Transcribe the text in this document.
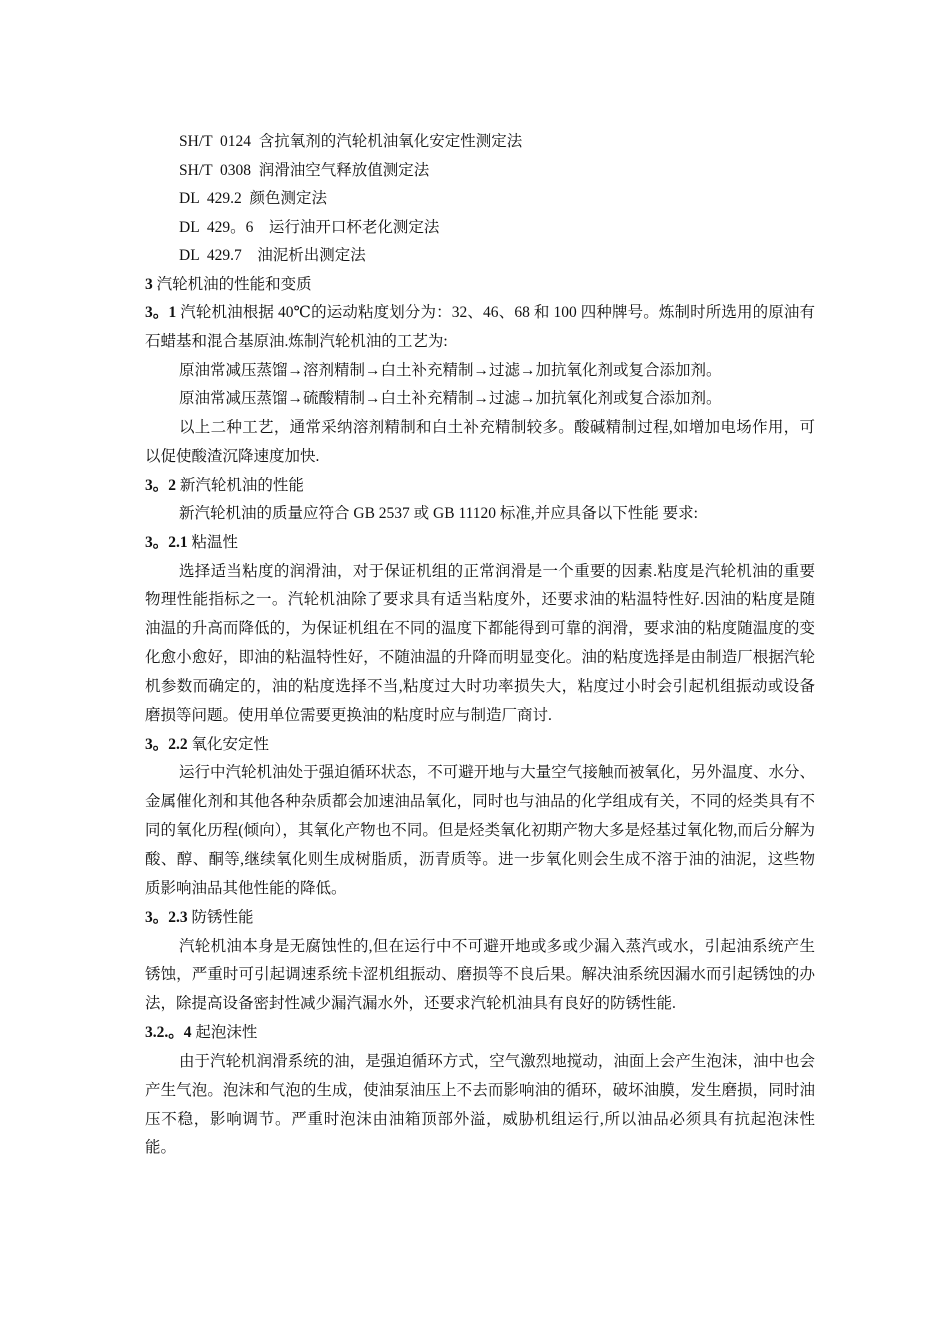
SH/T  0124  含抗氧剂的汽轮机油氧化安定性测定法
SH/T  0308  润滑油空气释放值测定法
DL  429.2  颜色测定法
DL  429。6    运行油开口杯老化测定法
DL  429.7    油泥析出测定法
3 汽轮机油的性能和变质

3。1 汽轮机油根据 40℃的运动粘度划分为：32、46、68 和 100 四种牌号。炼制时所选用的原油有石蜡基和混合基原油.炼制汽轮机油的工艺为:

原油常减压蒸馏→溶剂精制→白土补充精制→过滤→加抗氧化剂或复合添加剂。
原油常减压蒸馏→硫酸精制→白土补充精制→过滤→加抗氧化剂或复合添加剂。

以上二种工艺，通常采纳溶剂精制和白土补充精制较多。酸碱精制过程,如增加电场作用，可以促使酸渣沉降速度加快.

3。2 新汽轮机油的性能

新汽轮机油的质量应符合 GB 2537 或 GB 11120 标准,并应具备以下性能 要求:

3。2.1 粘温性

选择适当粘度的润滑油，对于保证机组的正常润滑是一个重要的因素.粘度是汽轮机油的重要物理性能指标之一。汽轮机油除了要求具有适当粘度外，还要求油的粘温特性好.因油的粘度是随油温的升高而降低的，为保证机组在不同的温度下都能得到可靠的润滑，要求油的粘度随温度的变化愈小愈好，即油的粘温特性好，不随油温的升降而明显变化。油的粘度选择是由制造厂根据汽轮机参数而确定的，油的粘度选择不当,粘度过大时功率损失大，粘度过小时会引起机组振动或设备磨损等问题。使用单位需要更换油的粘度时应与制造厂商讨.

3。2.2 氧化安定性

运行中汽轮机油处于强迫循环状态，不可避开地与大量空气接触而被氧化，另外温度、水分、金属催化剂和其他各种杂质都会加速油品氧化，同时也与油品的化学组成有关，不同的烃类具有不同的氧化历程(倾向），其氧化产物也不同。但是烃类氧化初期产物大多是烃基过氧化物,而后分解为酸、醇、酮等,继续氧化则生成树脂质，沥青质等。进一步氧化则会生成不溶于油的油泥，这些物质影响油品其他性能的降低。

3。2.3 防锈性能

汽轮机油本身是无腐蚀性的,但在运行中不可避开地或多或少漏入蒸汽或水，引起油系统产生锈蚀，严重时可引起调速系统卡涩机组振动、磨损等不良后果。解决油系统因漏水而引起锈蚀的办法，除提高设备密封性减少漏汽漏水外，还要求汽轮机油具有良好的防锈性能.

3.2.。4 起泡沫性

由于汽轮机润滑系统的油，是强迫循环方式，空气激烈地搅动，油面上会产生泡沫，油中也会产生气泡。泡沫和气泡的生成，使油泵油压上不去而影响油的循环，破坏油膜，发生磨损，同时油压不稳，影响调节。严重时泡沫由油箱顶部外溢，威胁机组运行,所以油品必须具有抗起泡沫性能。
